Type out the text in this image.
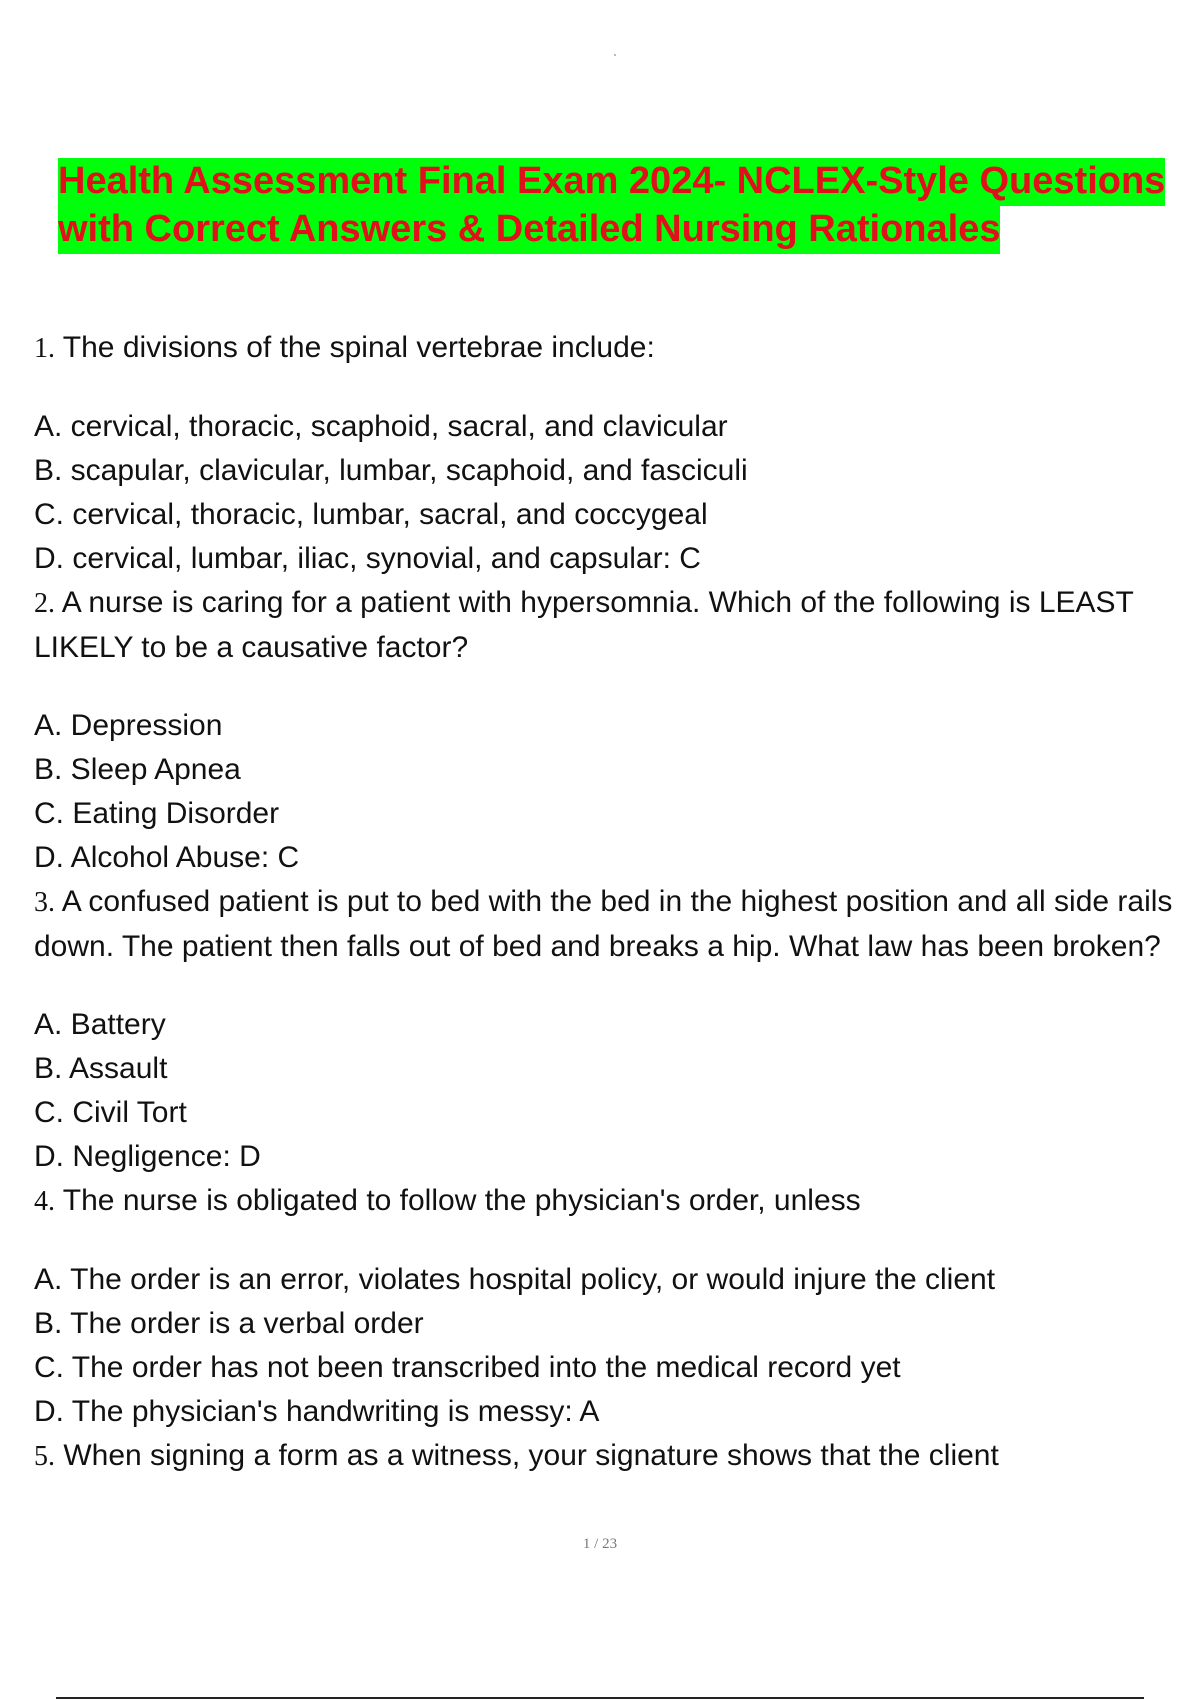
Health Assessment Final Exam 2024- NCLEX-Style Questions
with Correct Answers & Detailed Nursing Rationales
1. The divisions of the spinal vertebrae include:
A. cervical, thoracic, scaphoid, sacral, and clavicular
B. scapular, clavicular, lumbar, scaphoid, and fasciculi
C. cervical, thoracic, lumbar, sacral, and coccygeal
D. cervical, lumbar, iliac, synovial, and capsular: C
2. A nurse is caring for a patient with hypersomnia. Which of the following is LEAST LIKELY to be a causative factor?
A. Depression
B. Sleep Apnea
C. Eating Disorder
D. Alcohol Abuse: C
3. A confused patient is put to bed with the bed in the highest position and all side rails down. The patient then falls out of bed and breaks a hip. What law has been broken?
A. Battery
B. Assault
C. Civil Tort
D. Negligence: D
4. The nurse is obligated to follow the physician's order, unless
A. The order is an error, violates hospital policy, or would injure the client
B. The order is a verbal order
C. The order has not been transcribed into the medical record yet
D. The physician's handwriting is messy: A
5. When signing a form as a witness, your signature shows that the client
1 / 23
